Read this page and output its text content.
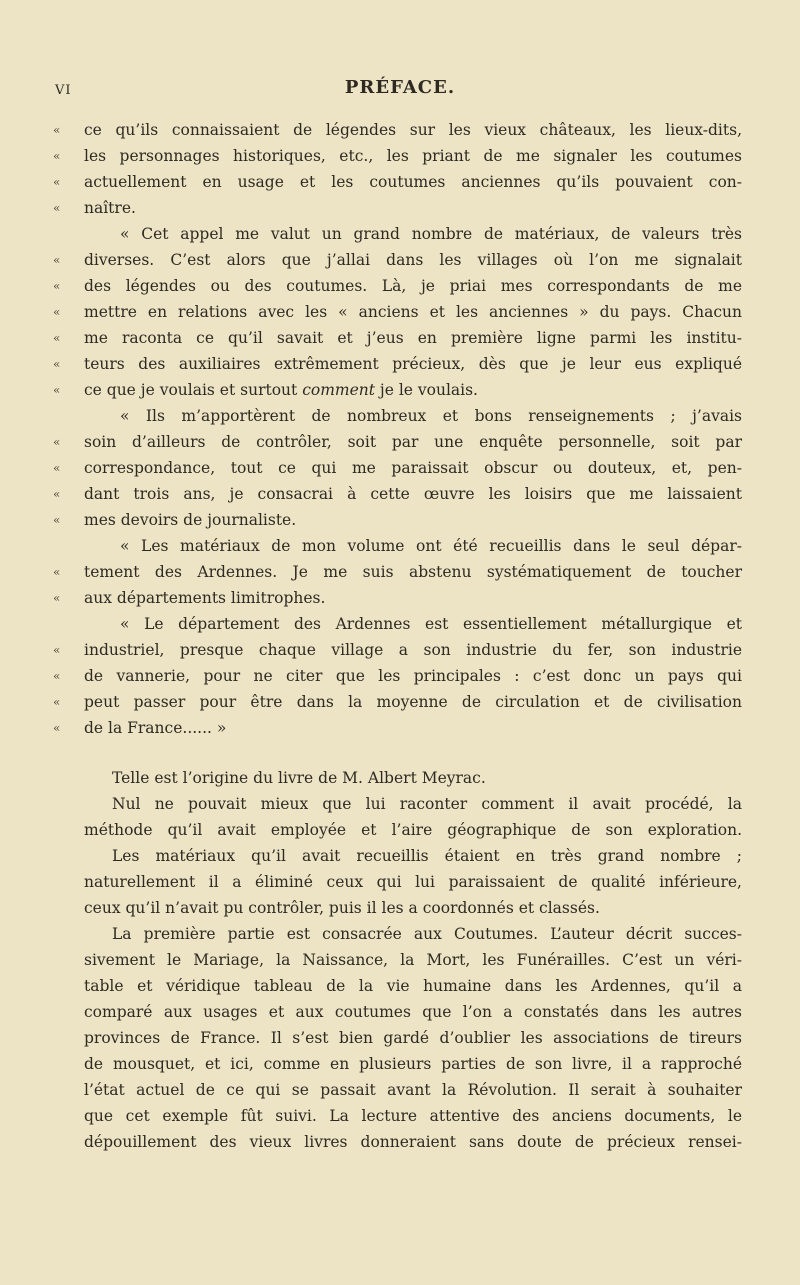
VI	PRÉFACE.
« ce qu’ils connaissaient de légendes sur les vieux châteaux, les lieux-dits,
« les personnages historiques, etc., les priant de me signaler les coutumes
« actuellement en usage et les coutumes anciennes qu’ils pouvaient con-
« naître.
« Cet appel me valut un grand nombre de matériaux, de valeurs très
« diverses. C’est alors que j’allai dans les villages où l’on me signalait
« des légendes ou des coutumes. Là, je priai mes correspondants de me
« mettre en relations avec les « anciens et les anciennes » du pays. Chacun
« me raconta ce qu’il savait et j’eus en première ligne parmi les institu-
« teurs des auxiliaires extrêmement précieux, dès que je leur eus expliqué
« ce que je voulais et surtout comment je le voulais.
« Ils m’apportèrent de nombreux et bons renseignements ; j’avais
« soin d’ailleurs de contrôler, soit par une enquête personnelle, soit par
« correspondance, tout ce qui me paraissait obscur ou douteux, et, pen-
« dant trois ans, je consacrai à cette œuvre les loisirs que me laissaient
« mes devoirs de journaliste.
« Les matériaux de mon volume ont été recueillis dans le seul dépar-
« tement des Ardennes. Je me suis abstenu systématiquement de toucher
« aux départements limitrophes.
« Le département des Ardennes est essentiellement métallurgique et
« industriel, presque chaque village a son industrie du fer, son industrie
« de vannerie, pour ne citer que les principales : c’est donc un pays qui
« peut passer pour être dans la moyenne de circulation et de civilisation
« de la France...... »
Telle est l’origine du livre de M. Albert Meyrac.
Nul ne pouvait mieux que lui raconter comment il avait procédé, la
méthode qu’il avait employée et l’aire géographique de son exploration.
Les matériaux qu’il avait recueillis étaient en très grand nombre ;
naturellement il a éliminé ceux qui lui paraissaient de qualité inférieure,
ceux qu’il n’avait pu contrôler, puis il les a coordonnés et classés.
La première partie est consacrée aux Coutumes. L’auteur décrit succes-
sivement le Mariage, la Naissance, la Mort, les Funérailles. C’est un véri-
table et véridique tableau de la vie humaine dans les Ardennes, qu’il a
comparé aux usages et aux coutumes que l’on a constatés dans les autres
provinces de France. Il s’est bien gardé d’oublier les associations de tireurs
de mousquet, et ici, comme en plusieurs parties de son livre, il a rapproché
l’état actuel de ce qui se passait avant la Révolution. Il serait à souhaiter
que cet exemple fût suivi. La lecture attentive des anciens documents, le
dépouillement des vieux livres donneraient sans doute de précieux rensei-
